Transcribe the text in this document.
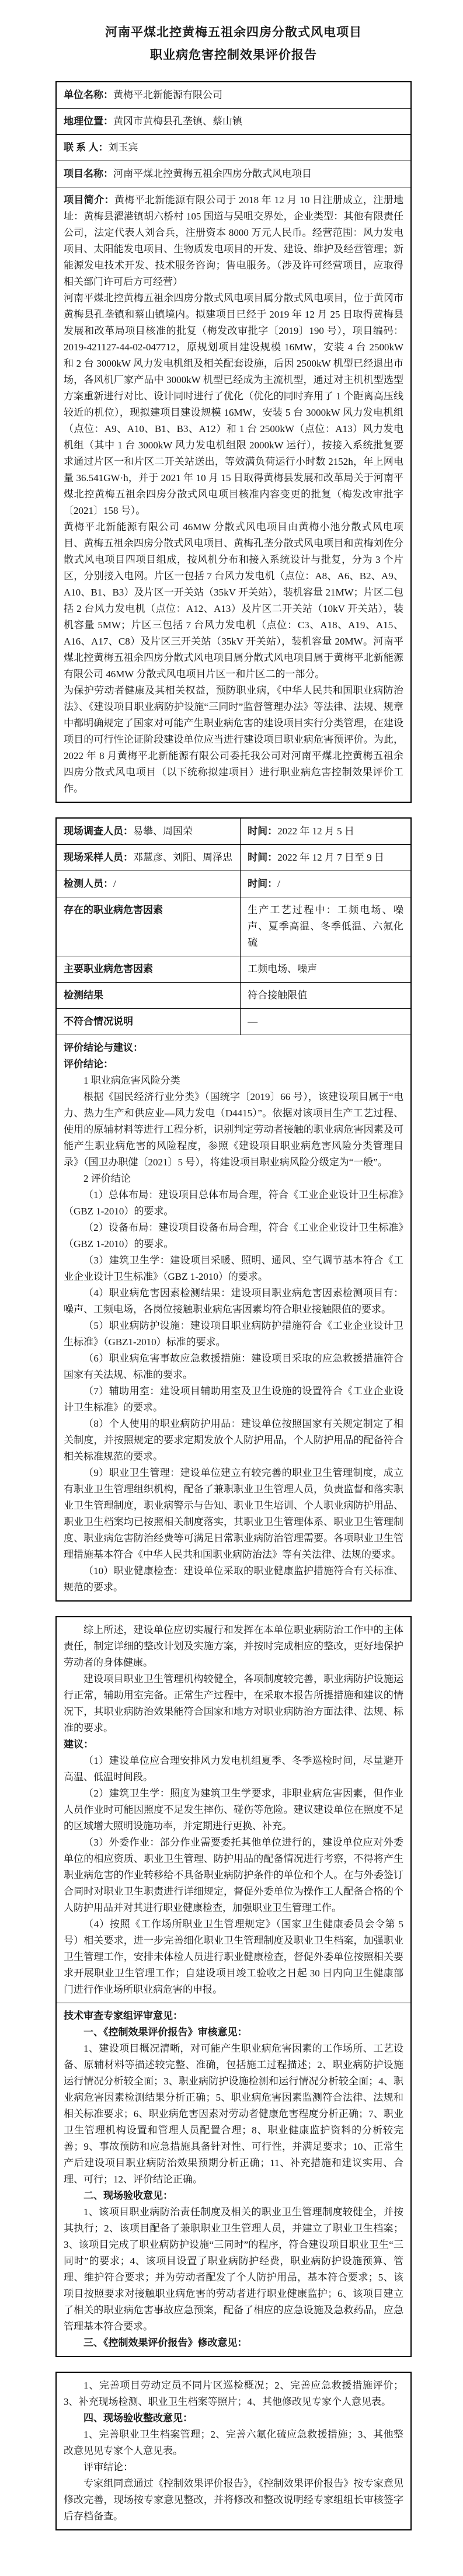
河南平煤北控黄梅五祖余四房分散式风电项目
职业病危害控制效果评价报告
单位名称：黄梅平北新能源有限公司
地理位置：黄冈市黄梅县孔垄镇、蔡山镇
联 系 人：刘玉宾
项目名称：河南平煤北控黄梅五祖余四房分散式风电项目
项目简介：黄梅平北新能源有限公司于 2018 年 12 月 10 日注册成立，注册地址：黄梅县濯港镇胡六桥村 105 国道与吴咀交界处，企业类型：其他有限责任公司，法定代表人刘合兵，注册资本 8000 万元人民币。经营范围：风力发电项目、太阳能发电项目、生物质发电项目的开发、建设、维护及经营管理；新能源发电技术开发、技术服务咨询；售电服务。（涉及许可经营项目，应取得相关部门许可后方可经营）
河南平煤北控黄梅五祖余四房分散式风电项目属分散式风电项目，位于黄冈市黄梅县孔垄镇和蔡山镇境内。拟建项目已经于 2019 年 12 月 25 日取得黄梅县发展和改革局项目核准的批复（梅发改审批字〔2019〕190 号），项目编码：2019-421127-44-02-047712，原规划项目建设规模 16MW，安装 4 台 2500kW 和 2 台 3000kW 风力发电机组及相关配套设施，后因 2500kW 机型已经退出市场，各风机厂家产品中 3000kW 机型已经成为主流机型，通过对主机机型选型方案重新进行对比、设计同时进行了优化（优化的同时弃用了 1 个距离高压线较近的机位），现拟建项目建设规模 16MW，安装 5 台 3000kW 风力发电机组（点位：A9、A10、B1、B3、A12）和 1 台 2500kW（点位：A13）风力发电机组（其中 1 台 3000kW 风力发电机组限 2000kW 运行），按接入系统批复要求通过片区一和片区二开关站送出，等效满负荷运行小时数 2152h，年上网电量 36.541GW·h，并于 2021 年 10 月 15 日取得黄梅县发展和改革局关于河南平煤北控黄梅五祖余四房分散式风电项目核准内容变更的批复（梅发改审批字〔2021〕158 号）。
黄梅平北新能源有限公司 46MW 分散式风电项目由黄梅小池分散式风电项目、黄梅五祖余四房分散式风电项目、黄梅孔垄分散式风电项目和黄梅刘佐分散式风电项目四项目组成，按风机分布和接入系统设计与批复，分为 3 个片区，分别接入电网。片区一包括 7 台风力发电机（点位：A8、A6、B2、A9、A10、B1、B3）及片区一开关站（35kV 开关站），装机容量 21MW；片区二包括 2 台风力发电机（点位：A12、A13）及片区二开关站（10kV 开关站），装机容量 5MW；片区三包括 7 台风力发电机（点位：C3、A18、A19、A15、A16、A17、C8）及片区三开关站（35kV 开关站），装机容量 20MW。河南平煤北控黄梅五祖余四房分散式风电项目属分散式风电项目属于黄梅平北新能源有限公司 46MW 分散式风电项目片区一和片区二的一部分。
为保护劳动者健康及其相关权益，预防职业病，《中华人民共和国职业病防治法》、《建设项目职业病防护设施“三同时”监督管理办法》等法律、法规、规章中都明确规定了国家对可能产生职业病危害的建设项目实行分类管理，在建设项目的可行性论证阶段建设单位应当进行建设项目职业病危害预评价。为此，2022 年 8 月黄梅平北新能源有限公司委托我公司对河南平煤北控黄梅五祖余四房分散式风电项目（以下统称拟建项目）进行职业病危害控制效果评价工作。
现场调查人员：易攀、周国荣	时间：2022 年 12 月 5 日
现场采样人员：邓慧彦、刘阳、周泽忠	时间：2022 年 12 月 7 日至 9 日
检测人员：/	时间：/
存在的职业病危害因素	生产工艺过程中：工频电场、噪声、夏季高温、冬季低温、六氟化硫
主要职业病危害因素	工频电场、噪声
检测结果	符合接触限值
不符合情况说明	—
评价结论与建议：
评价结论：
1 职业病危害风险分类
根据《国民经济行业分类》（国统字〔2019〕66 号），该建设项目属于“电力、热力生产和供应业—风力发电（D4415）”。依据对该项目生产工艺过程、使用的原辅材料等进行工程分析，识别判定劳动者接触的职业病危害因素及可能产生职业病危害的风险程度，参照《建设项目职业病危害风险分类管理目录》（国卫办职健〔2021〕5 号），将建设项目职业病风险分级定为“一般”。
2 评价结论
（1）总体布局：建设项目总体布局合理，符合《工业企业设计卫生标准》（GBZ 1-2010）的要求。
（2）设备布局：建设项目设备布局合理，符合《工业企业设计卫生标准》（GBZ 1-2010）的要求。
（3）建筑卫生学：建设项目采暖、照明、通风、空气调节基本符合《工业企业设计卫生标准》（GBZ 1-2010）的要求。
（4）职业病危害因素检测结果：建设项目职业病危害因素检测项目有：噪声、工频电场，各岗位接触职业病危害因素均符合职业接触限值的要求。
（5）职业病防护设施：建设项目职业病防护措施符合《工业企业设计卫生标准》（GBZ1-2010）标准的要求。
（6）职业病危害事故应急救援措施：建设项目采取的应急救援措施符合国家有关法规、标准的要求。
（7）辅助用室：建设项目辅助用室及卫生设施的设置符合《工业企业设计卫生标准》的要求。
（8）个人使用的职业病防护用品：建设单位按照国家有关规定制定了相关制度，并按照规定的要求定期发放个人防护用品，个人防护用品的配备符合相关标准规范的要求。
（9）职业卫生管理：建设单位建立有较完善的职业卫生管理制度，成立有职业卫生管理组织机构，配备了兼职职业卫生管理人员，负责监督和落实职业卫生管理制度，职业病警示与告知、职业卫生培训、个人职业病防护用品、职业卫生档案均已按照相关制度落实，其职业卫生管理体系、职业卫生管理制度、职业病危害防治经费等可满足日常职业病防治管理需要。各项职业卫生管理措施基本符合《中华人民共和国职业病防治法》等有关法律、法规的要求。
（10）职业健康检查：建设单位采取的职业健康监护措施符合有关标准、规范的要求。
综上所述，建设单位应切实履行和发挥在本单位职业病防治工作中的主体责任，制定详细的整改计划及实施方案，并按时完成相应的整改，更好地保护劳动者的身体健康。
建设项目职业卫生管理机构较健全，各项制度较完善，职业病防护设施运行正常，辅助用室完备。正常生产过程中，在采取本报告所提措施和建议的情况下，其职业病防治效果能符合国家和地方对职业病防治方面法律、法规、标准的要求。
建议：
（1）建设单位应合理安排风力发电机组夏季、冬季巡检时间，尽量避开高温、低温时间段。
（2）建筑卫生学：照度为建筑卫生学要求，非职业病危害因素，但作业人员作业时可能因照度不足发生摔伤、碰伤等危险。建议建设单位在照度不足的区域增大照明设施功率，并定期进行更换、补充。
（3）外委作业：部分作业需要委托其他单位进行的，建设单位应对外委单位的相应资质、职业卫生管理、防护用品的配备情况进行考察，不得将产生职业病危害的作业转移给不具备职业病防护条件的单位和个人。在与外委签订合同时对职业卫生职责进行详细规定，督促外委单位为操作工人配备合格的个人防护用品并对其进行职业健康检查，加强职业卫生管理工作。
（4）按照《工作场所职业卫生管理规定》（国家卫生健康委员会令第 5 号）相关要求，进一步完善细化职业卫生管理制度及职业卫生档案，加强职业卫生管理工作，安排未体检人员进行职业健康检查，督促外委单位按照相关要求开展职业卫生管理工作；自建设项目竣工验收之日起 30 日内向卫生健康部门进行作业场所职业病危害的申报。
技术审查专家组评审意见：
一、《控制效果评价报告》审核意见：
1、建设项目概况清晰，对可能产生职业病危害因素的工作场所、工艺设备、原辅材料等描述较完整、准确，包括施工过程描述；2、职业病防护设施运行情况分析较全面；3、职业病防护设施检测和运行情况分析较全面；4、职业病危害因素检测结果分析正确；5、职业病危害因素监测符合法律、法规和相关标准要求；6、职业病危害因素对劳动者健康危害程度分析正确；7、职业卫生管理机构设置和管理人员配置合理；8、职业健康监护资料的分析较完善；9、事故预防和应急措施具备针对性、可行性，并满足要求；10、正常生产后建设项目职业病防治效果预期分析正确；11、补充措施和建议实用、合理、可行；12、评价结论正确。
二、现场验收意见：
1、该项目职业病防治责任制度及相关的职业卫生管理制度较健全，并按其执行；2、该项目配备了兼职职业卫生管理人员，并建立了职业卫生档案；3、该项目完成了职业病防护设施“三同时”的程序，符合建设项目职业卫生“三同时”的要求；4、该项目设置了职业病防护经费，职业病防护设施预算、管理、维护符合要求；并为劳动者配发了个人防护用品，基本符合要求；5、该项目按照要求对接触职业病危害的劳动者进行职业健康监护；6、该项目建立了相关的职业病危害事故应急预案，配备了相应的应急设施及急救药品，应急管理基本符合要求。
三、《控制效果评价报告》修改意见：
1、完善项目劳动定员不同片区巡检概况；2、完善应急救援措施评价；3、补充现场检测、职业卫生档案等照片；4、其他修改见专家个人意见表。
四、现场验收整改意见：
1、完善职业卫生档案管理；2、完善六氟化硫应急救援措施；3、其他整改意见见专家个人意见表。
评审结论：
专家组同意通过《控制效果评价报告》，《控制效果评价报告》按专家意见修改完善，现场按专家意见整改，并将修改和整改说明经专家组组长审核签字后存档备查。
